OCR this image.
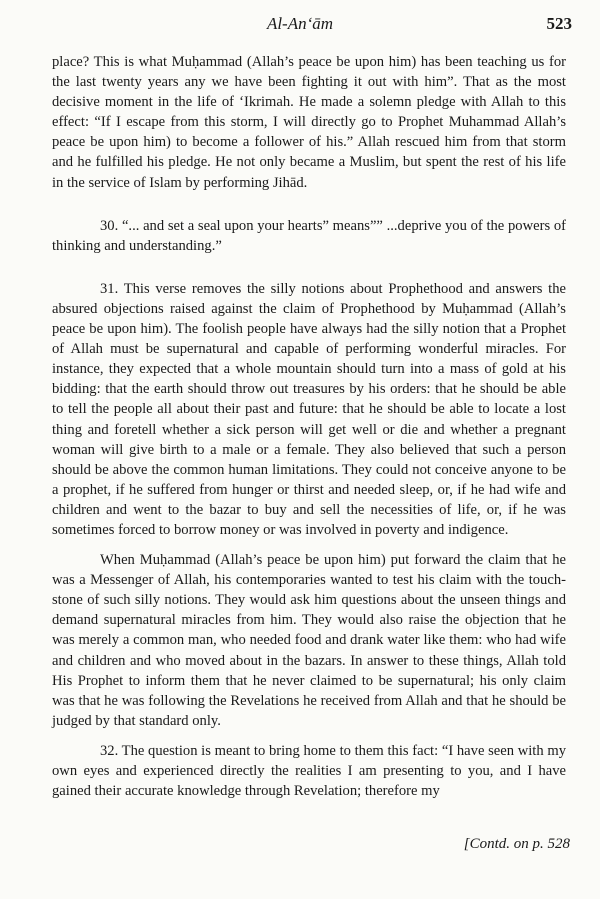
Al-An‘ām	523

place? This is what Muḥammad (Allah’s peace be upon him) has been teaching us for the last twenty years any we have been fighting it out with him”. That as the most decisive moment in the life of ‘Ikrimah. He made a solemn pledge with Allah to this effect: “If I escape from this storm, I will directly go to Prophet Muhammad Allah’s peace be upon him) to become a follower of his.” Allah rescued him from that storm and he fulfilled his pledge. He not only became a Muslim, but spent the rest of his life in the service of Islam by performing Jihād.

30. “... and set a seal upon your hearts” means”” ...deprive you of the powers of thinking and understanding.”

31. This verse removes the silly notions about Prophethood and answers the absured objections raised against the claim of Prophethood by Muḥammad (Allah’s peace be upon him). The foolish people have always had the silly notion that a Prophet of Allah must be supernatural and capable of performing wonderful miracles. For instance, they expected that a whole mountain should turn into a mass of gold at his bidding: that the earth should throw out treasures by his orders: that he should be able to tell the people all about their past and future: that he should be able to locate a lost thing and foretell whether a sick person will get well or die and whether a pregnant woman will give birth to a male or a female. They also believed that such a person should be above the common human limitations. They could not conceive anyone to be a prophet, if he suffered from hunger or thirst and needed sleep, or, if he had wife and children and went to the bazar to buy and sell the necessities of life, or, if he was sometimes forced to borrow money or was involved in poverty and indigence.

When Muḥammad (Allah’s peace be upon him) put forward the claim that he was a Messenger of Allah, his contemporaries wanted to test his claim with the touch-stone of such silly notions. They would ask him questions about the unseen things and demand supernatural miracles from him. They would also raise the objection that he was merely a common man, who needed food and drank water like them: who had wife and children and who moved about in the bazars. In answer to these things, Allah told His Prophet to inform them that he never claimed to be supernatural; his only claim was that he was following the Revelations he received from Allah and that he should be judged by that standard only.

32. The question is meant to bring home to them this fact: “I have seen with my own eyes and experienced directly the realities I am presenting to you, and I have gained their accurate knowledge through Revelation; therefore my

[Contd. on p. 528
